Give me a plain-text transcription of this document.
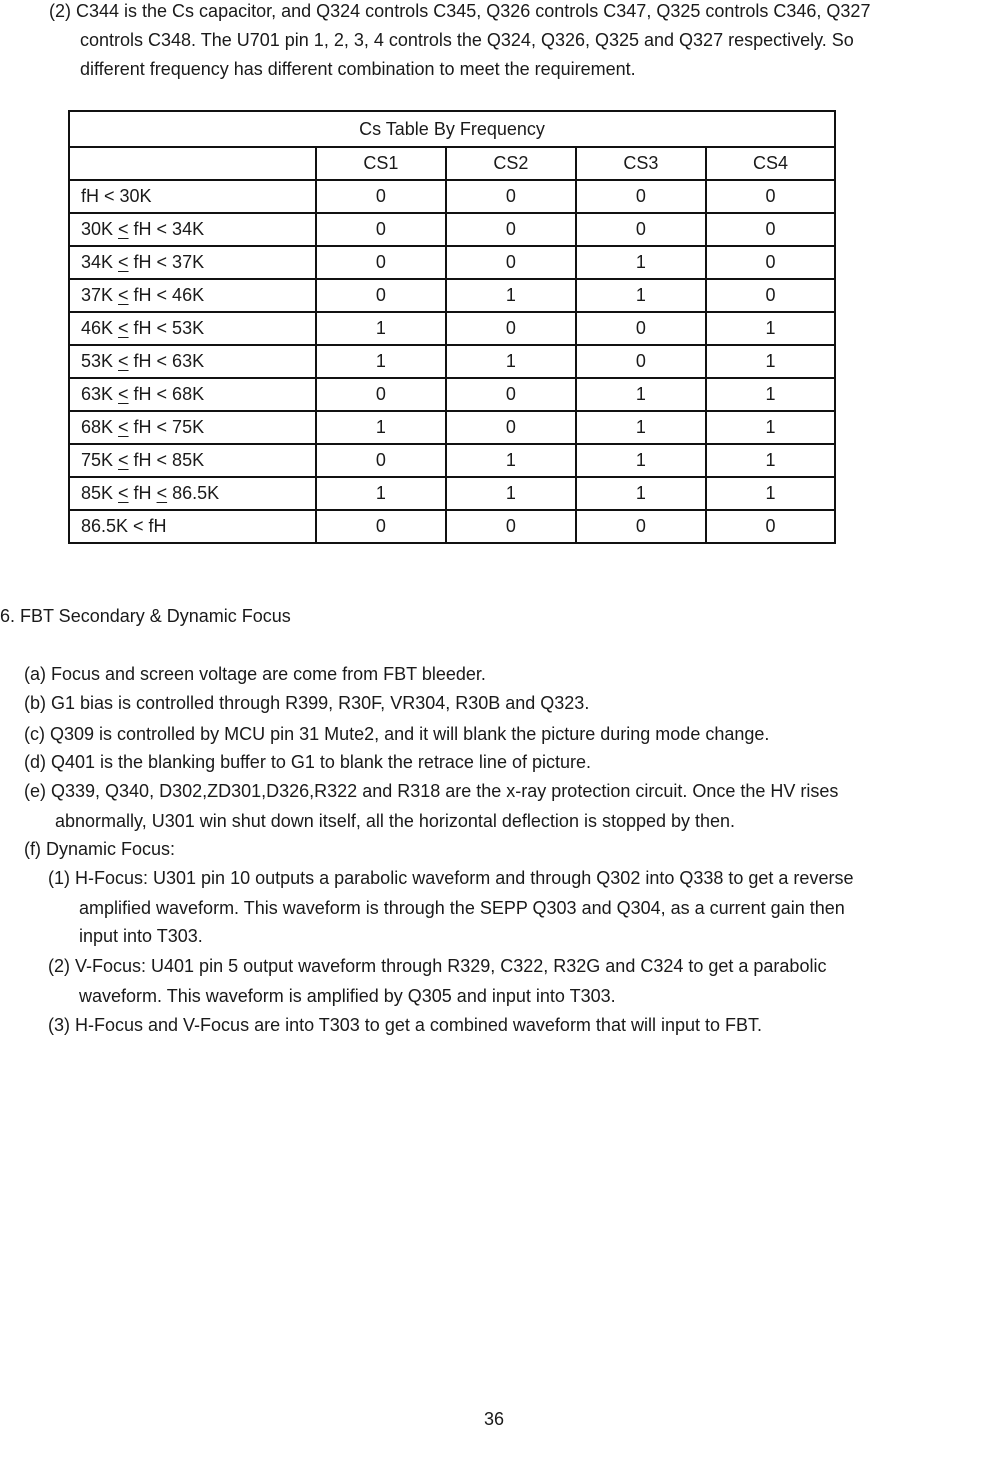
(2) C344 is the Cs capacitor, and Q324 controls C345, Q326 controls C347, Q325 controls C346, Q327
controls C348. The U701 pin 1, 2, 3, 4 controls the Q324, Q326, Q325 and Q327 respectively. So
different frequency has different combination to meet the requirement.
Cs Table By Frequency				
	CS1	CS2	CS3	CS4
fH < 30K	0	0	0	0
30K < fH < 34K	0	0	0	0
34K < fH < 37K	0	0	1	0
37K < fH < 46K	0	1	1	0
46K < fH < 53K	1	0	0	1
53K < fH < 63K	1	1	0	1
63K < fH < 68K	0	0	1	1
68K < fH < 75K	1	0	1	1
75K < fH < 85K	0	1	1	1
85K < fH < 86.5K	1	1	1	1
86.5K < fH	0	0	0	0
6. FBT Secondary & Dynamic Focus
(a) Focus and screen voltage are come from FBT bleeder.
(b) G1 bias is controlled through R399, R30F, VR304, R30B and Q323.
(c) Q309 is controlled by MCU pin 31 Mute2, and it will blank the picture during mode change.
(d) Q401 is the blanking buffer to G1 to blank the retrace line of picture.
(e) Q339, Q340, D302,ZD301,D326,R322 and R318 are the x-ray protection circuit. Once the HV rises
abnormally, U301 win shut down itself, all the horizontal deflection is stopped by then.
(f) Dynamic Focus:
(1) H-Focus: U301 pin 10 outputs a parabolic waveform and through Q302 into Q338 to get a reverse
amplified waveform. This waveform is through the SEPP Q303 and Q304, as a current gain then
input into T303.
(2) V-Focus: U401 pin 5 output waveform through R329, C322, R32G and C324 to get a parabolic
waveform. This waveform is amplified by Q305 and input into T303.
(3) H-Focus and V-Focus are into T303 to get a combined waveform that will input to FBT.
36
